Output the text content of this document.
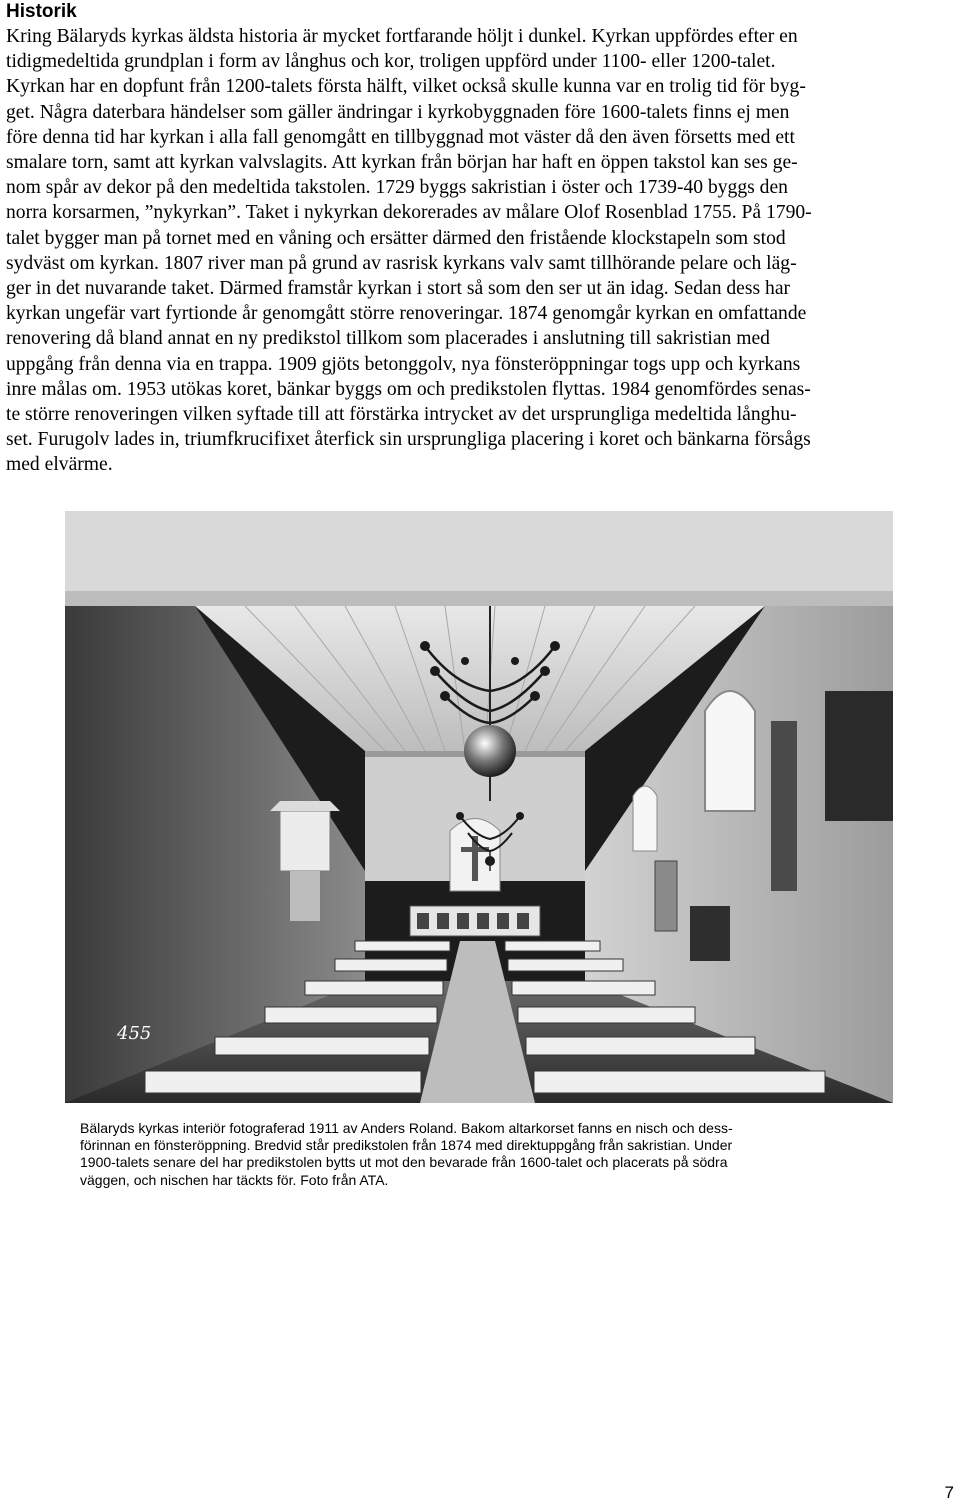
Historik
Kring Bälaryds kyrkas äldsta historia är mycket fortfarande höljt i dunkel. Kyrkan uppfördes efter en
tidigmedeltida grundplan i form av långhus och kor, troligen uppförd under 1100- eller 1200-talet.
Kyrkan har en dopfunt från 1200-talets första hälft, vilket också skulle kunna var en trolig tid för byg-
get. Några daterbara händelser som gäller ändringar i kyrkobyggnaden före 1600-talets finns ej men
före denna tid har kyrkan i alla fall genomgått en tillbyggnad mot väster då den även försetts med ett
smalare torn, samt att kyrkan valvslagits. Att kyrkan från början har haft en öppen takstol kan ses ge-
nom spår av dekor på den medeltida takstolen. 1729 byggs sakristian i öster och 1739-40 byggs den
norra korsarmen, ”nykyrkan”. Taket i nykyrkan dekorerades av målare Olof Rosenblad 1755. På 1790-
talet bygger man på tornet med en våning och ersätter därmed den fristående klockstapeln som stod
sydväst om kyrkan. 1807 river man på grund av rasrisk kyrkans valv samt tillhörande pelare och läg-
ger in det nuvarande taket. Därmed framstår kyrkan i stort så som den ser ut än idag. Sedan dess har
kyrkan ungefär vart fyrtionde år genomgått större renoveringar. 1874 genomgår kyrkan en omfattande
renovering då bland annat en ny predikstol tillkom som placerades i anslutning till sakristian med
uppgång från denna via en trappa. 1909 gjöts betonggolv, nya fönsteröppningar togs upp och kyrkans
inre målas om. 1953 utökas koret, bänkar byggs om och predikstolen flyttas. 1984 genomfördes senas-
te större renoveringen vilken syftade till att förstärka intrycket av det ursprungliga medeltida långhu-
set. Furugolv lades in, triumfkrucifixet återfick sin ursprungliga placering i koret och bänkarna försågs
med elvärme.
455
Bälaryds kyrkas interiör fotograferad 1911 av Anders Roland. Bakom altarkorset fanns en nisch och dess-
förinnan en fönsteröppning. Bredvid står predikstolen från 1874 med direktuppgång från sakristian. Under
1900-talets senare del har predikstolen bytts ut mot den bevarade från 1600-talet och placerats på södra
väggen, och nischen har täckts för. Foto från ATA.
7
